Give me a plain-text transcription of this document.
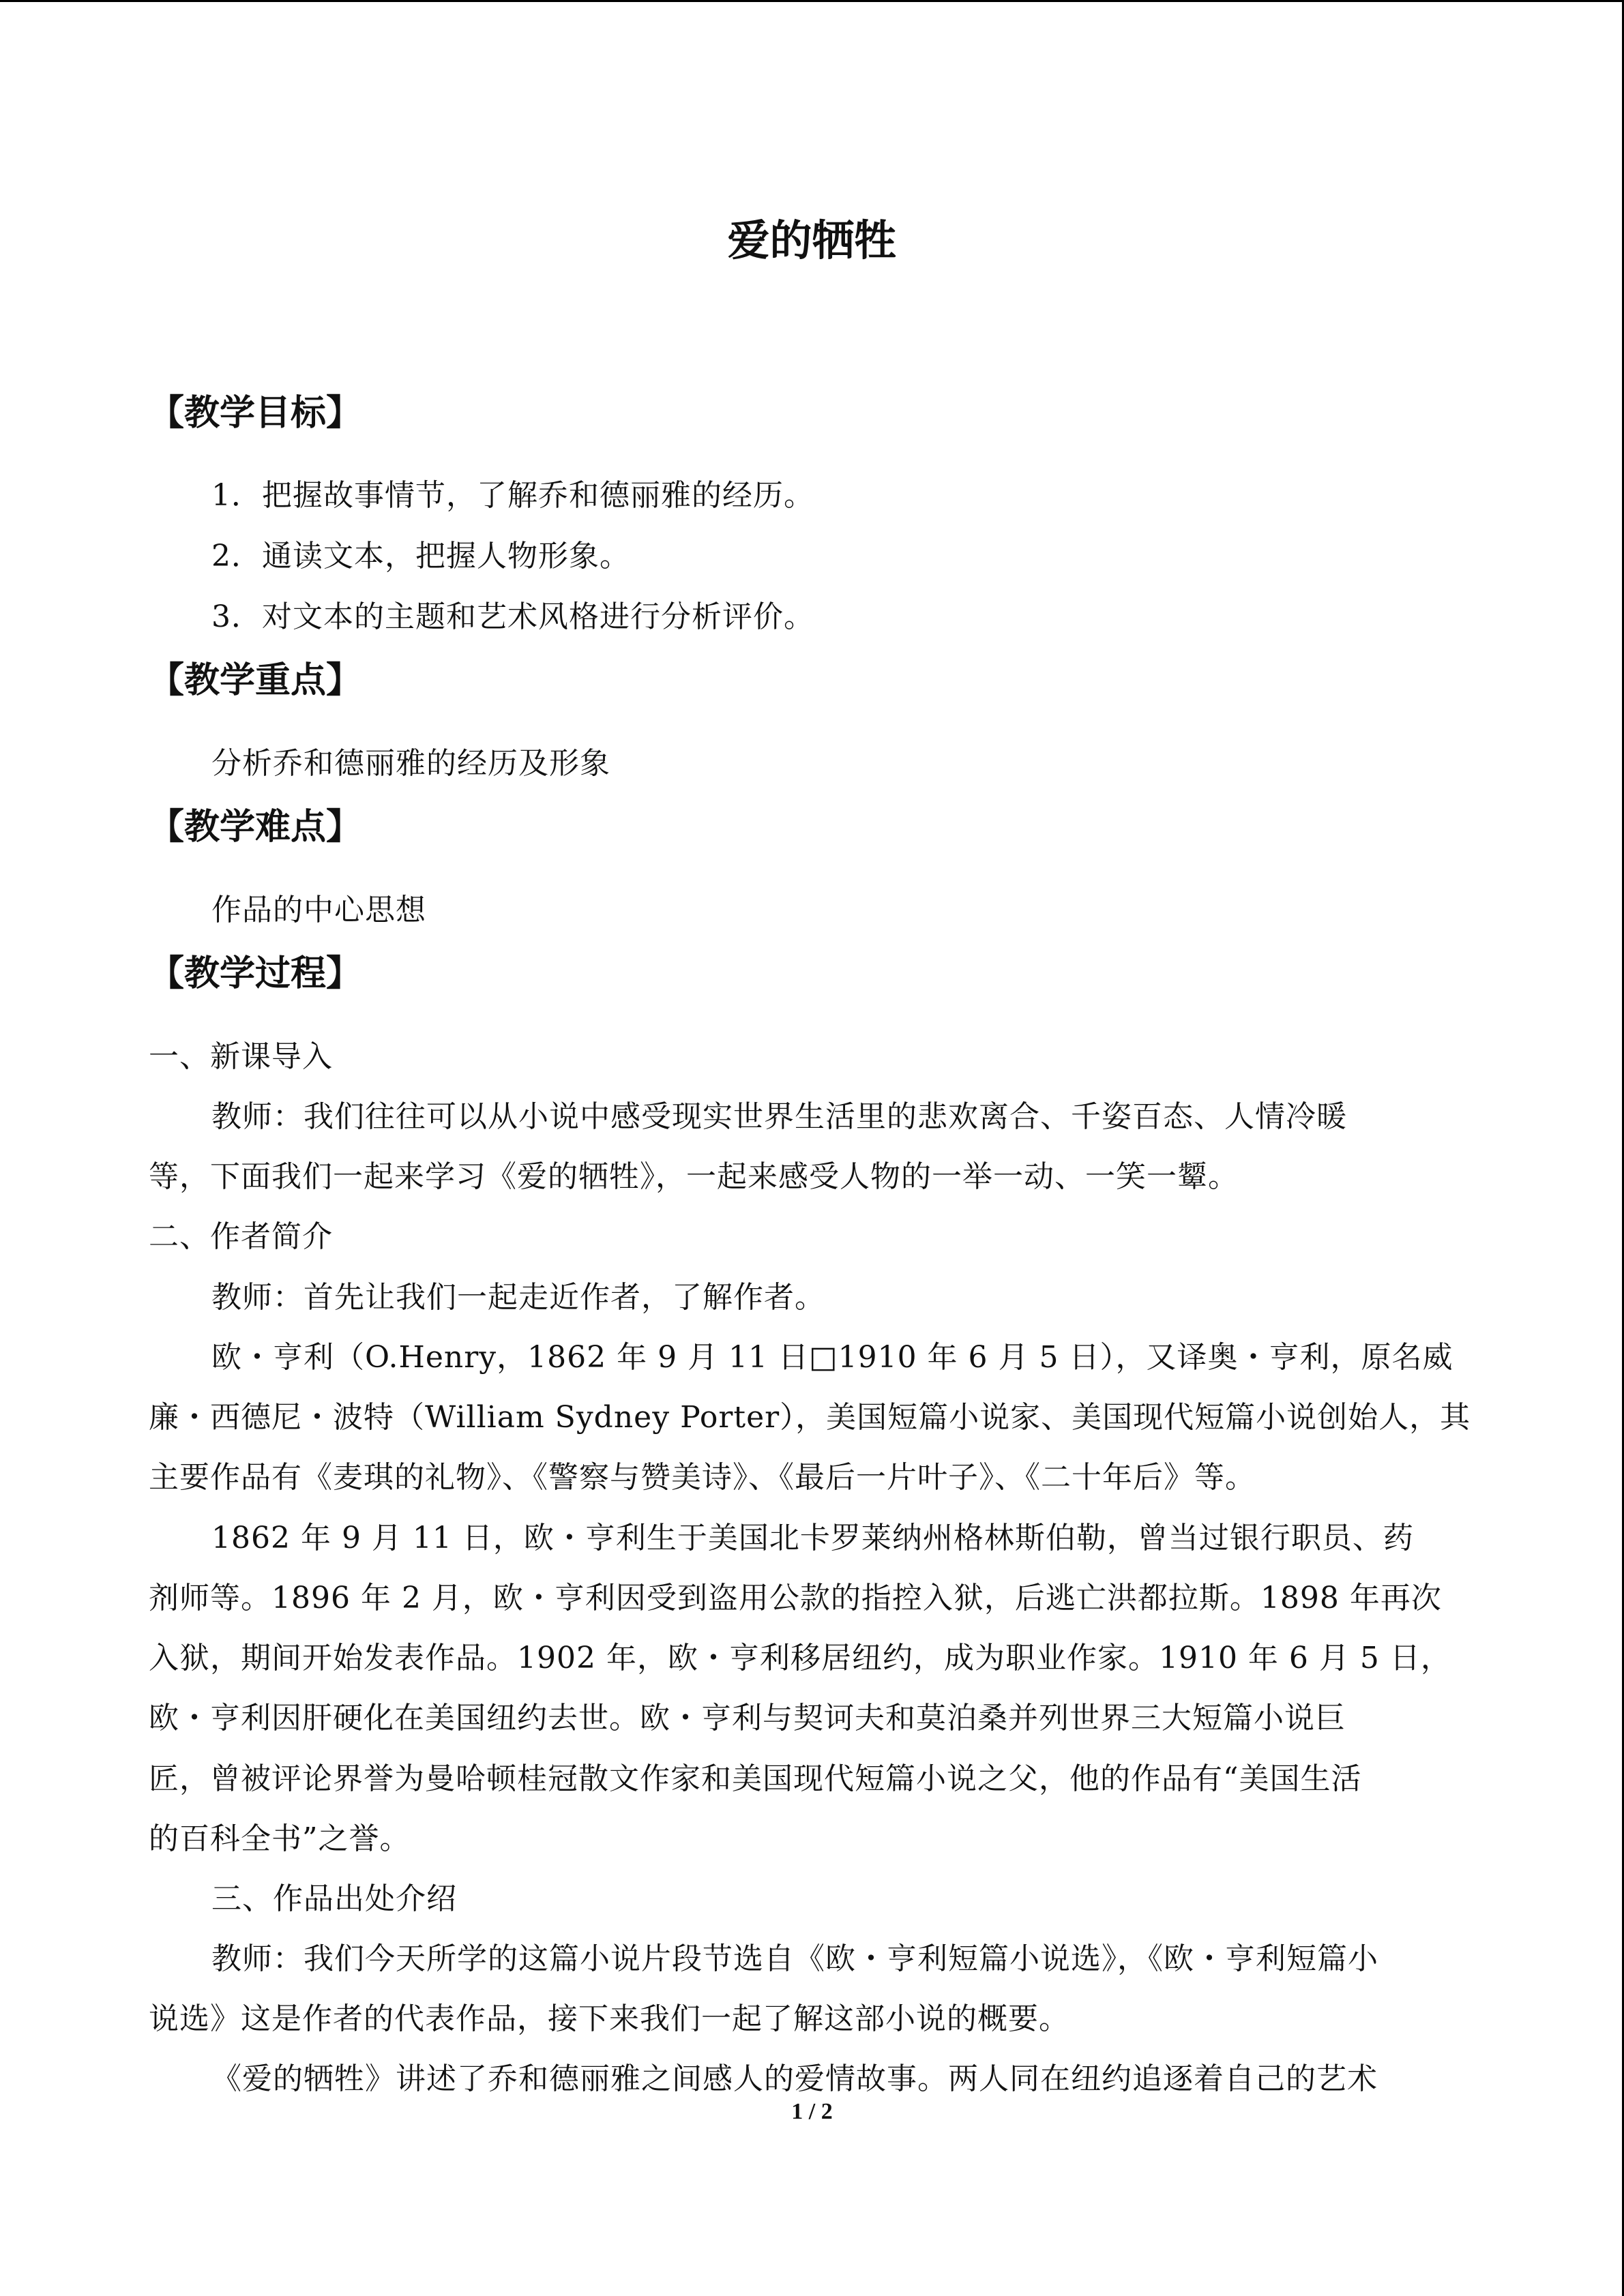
爱的牺牲
【教学目标】
1．把握故事情节，了解乔和德丽雅的经历。
2．通读文本，把握人物形象。
3．对文本的主题和艺术风格进行分析评价。
【教学重点】
分析乔和德丽雅的经历及形象
【教学难点】
作品的中心思想
【教学过程】
一、新课导入
教师：我们往往可以从小说中感受现实世界生活里的悲欢离合、千姿百态、人情冷暖
等，下面我们一起来学习《爱的牺牲》，一起来感受人物的一举一动、一笑一颦。
二、作者简介
教师：首先让我们一起走近作者，了解作者。
欧・亨利（O.Henry，1862 年 9 月 11 日□1910 年 6 月 5 日），又译奥・亨利，原名威
廉・西德尼・波特（William Sydney Porter），美国短篇小说家、美国现代短篇小说创始人，其
主要作品有《麦琪的礼物》、《警察与赞美诗》、《最后一片叶子》、《二十年后》等。
1862 年 9 月 11 日，欧・亨利生于美国北卡罗莱纳州格林斯伯勒，曾当过银行职员、药
剂师等。1896 年 2 月，欧・亨利因受到盗用公款的指控入狱，后逃亡洪都拉斯。1898 年再次
入狱，期间开始发表作品。1902 年，欧・亨利移居纽约，成为职业作家。1910 年 6 月 5 日，
欧・亨利因肝硬化在美国纽约去世。欧・亨利与契诃夫和莫泊桑并列世界三大短篇小说巨
匠，曾被评论界誉为曼哈顿桂冠散文作家和美国现代短篇小说之父，他的作品有“美国生活
的百科全书”之誉。
三、作品出处介绍
教师：我们今天所学的这篇小说片段节选自《欧・亨利短篇小说选》，《欧・亨利短篇小
说选》这是作者的代表作品，接下来我们一起了解这部小说的概要。
《爱的牺牲》讲述了乔和德丽雅之间感人的爱情故事。两人同在纽约追逐着自己的艺术
1 / 2
